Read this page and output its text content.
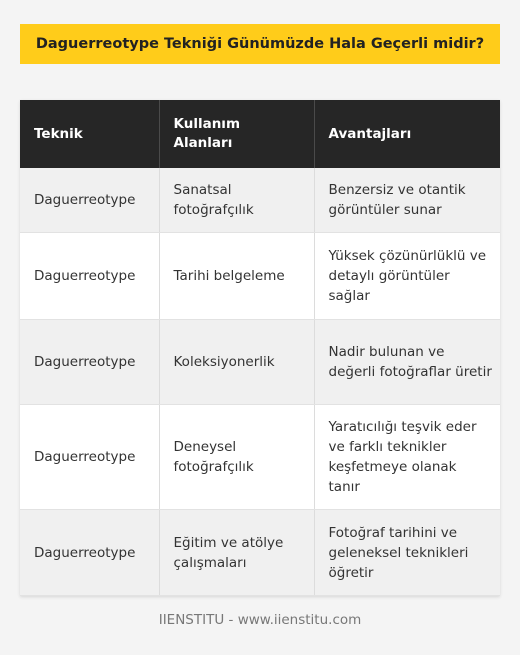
Daguerreotype Tekniği Günümüzde Hala Geçerli midir?
Teknik	Kullanım Alanları	Avantajları
Daguerreotype	Sanatsal fotoğrafçılık	Benzersiz ve otantik görüntüler sunar
Daguerreotype	Tarihi belgeleme	Yüksek çözünürlüklü ve detaylı görüntüler sağlar
Daguerreotype	Koleksiyonerlik	Nadir bulunan ve değerli fotoğraflar üretir
Daguerreotype	Deneysel fotoğrafçılık	Yaratıcılığı teşvik eder ve farklı teknikler keşfetmeye olanak tanır
Daguerreotype	Eğitim ve atölye çalışmaları	Fotoğraf tarihini ve geleneksel teknikleri öğretir
IIENSTITU - www.iienstitu.com
